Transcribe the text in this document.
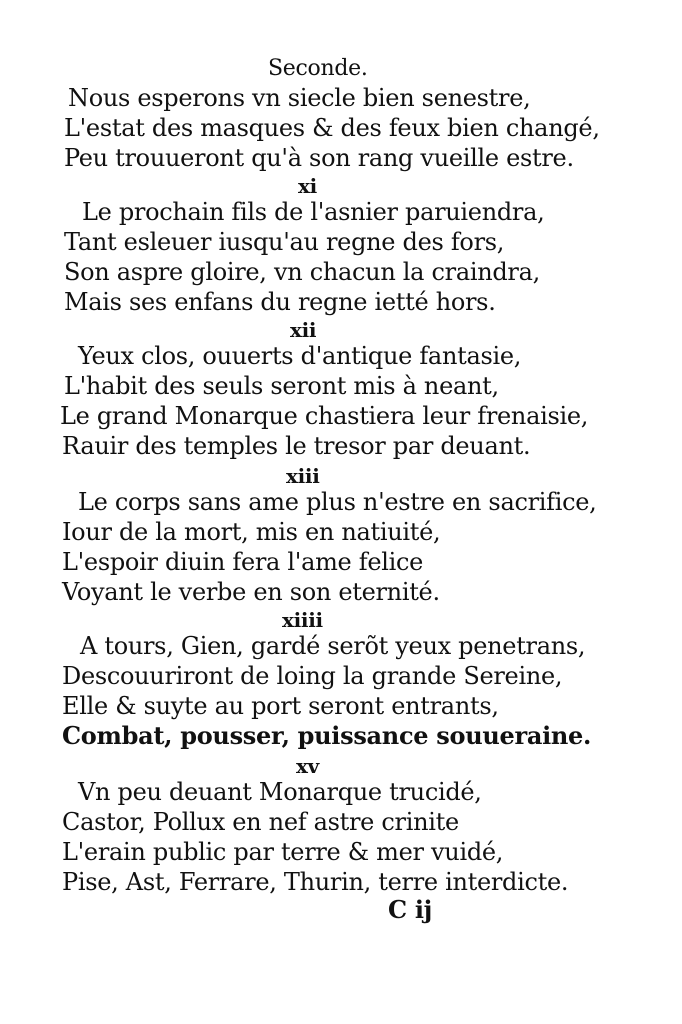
Seconde.
Nous esperons vn siecle bien senestre,
L'estat des masques & des feux bien changé,
Peu trouueront qu'à son rang vueille estre.
xi
Le prochain fils de l'asnier paruiendra,
Tant esleuer iusqu'au regne des fors,
Son aspre gloire, vn chacun la craindra,
Mais ses enfans du regne ietté hors.
xii
Yeux clos, ouuerts d'antique fantasie,
L'habit des seuls seront mis à neant,
Le grand Monarque chastiera leur frenaisie,
Rauir des temples le tresor par deuant.
xiii
Le corps sans ame plus n'estre en sacrifice,
Iour de la mort, mis en natiuité,
L'espoir diuin fera l'ame felice
Voyant le verbe en son eternité.
xiiii
A tours, Gien, gardé serõt yeux penetrans,
Descouuriront de loing la grande Sereine,
Elle & suyte au port seront entrants,
Combat, pousser, puissance souueraine.
xv
Vn peu deuant Monarque trucidé,
Castor, Pollux en nef astre crinite
L'erain public par terre & mer vuidé,
Pise, Ast, Ferrare, Thurin, terre interdicte.
C ij
